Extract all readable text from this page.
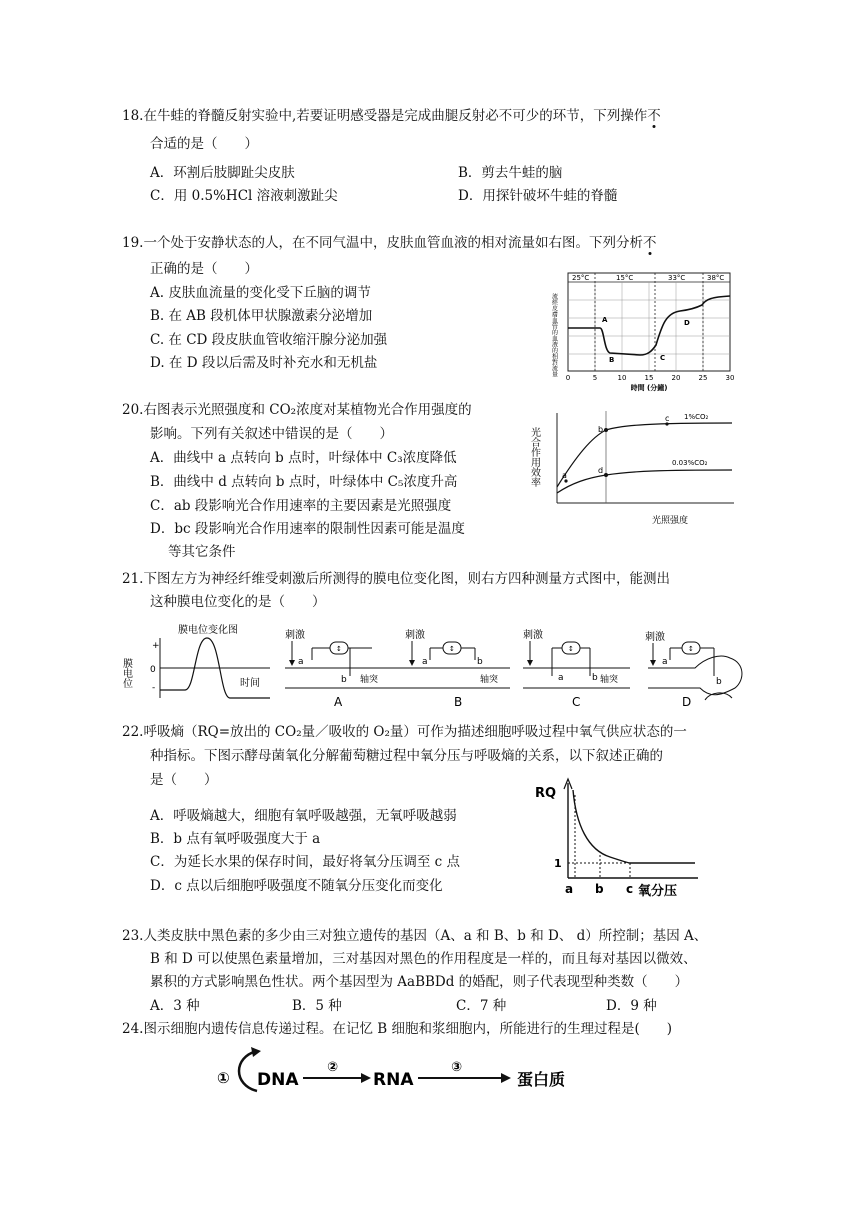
18.在牛蛙的脊髓反射实验中,若要证明感受器是完成曲腿反射必不可少的环节，下列操作不
合适的是（　　）
A．环割后肢脚趾尖皮肤	B．剪去牛蛙的脑
C．用 0.5%HCl 溶液刺激趾尖	D．用探针破坏牛蛙的脊髓
19.一个处于安静状态的人，在不同气温中，皮肤血管血液的相对流量如右图。下列分析不
正确的是（　　）
A. 皮肤血流量的变化受下丘脑的调节
B. 在 AB 段机体甲状腺激素分泌增加
C. 在 CD 段皮肤血管收缩汗腺分泌加强
D. 在 D 段以后需及时补充水和无机盐
25°C	15°C	33°C	38°C
A
B	C
D
流經皮膚血管的血液的相對流量
0	5	10	15	20	25	30
時間 (分鐘)
20.右图表示光照强度和 CO₂浓度对某植物光合作用强度的
影响。下列有关叙述中错误的是（　　）
A．曲线中 a 点转向 b 点时，叶绿体中 C₃浓度降低
B．曲线中 d 点转向 b 点时，叶绿体中 C₅浓度升高
C．ab 段影响光合作用速率的主要因素是光照强度
D．bc 段影响光合作用速率的限制性因素可能是温度
等其它条件
a
b
c
d
1%CO₂
0.03%CO₂
光合作用效率
光照强度
21.下图左方为神经纤维受刺激后所测得的膜电位变化图，则右方四种测量方式图中，能测出
这种膜电位变化的是（　　）
膜电位变化图
+
0
-
膜电位	时间
刺激
↕
a
b 轴突
A
刺激
↕
a	b
轴突
B
刺激
↕
a	b 轴突
C
刺激
↕
a
b
D
22.呼吸熵（RQ=放出的 CO₂量／吸收的 O₂量）可作为描述细胞呼吸过程中氧气供应状态的一
种指标。下图示酵母菌氧化分解葡萄糖过程中氧分压与呼吸熵的关系，以下叙述正确的
是（　　）
A．呼吸熵越大，细胞有氧呼吸越强，无氧呼吸越弱
B．b 点有氧呼吸强度大于 a
C．为延长水果的保存时间，最好将氧分压调至 c 点
D．c 点以后细胞呼吸强度不随氧分压变化而变化
RQ
1
a b c 氧分压
23.人类皮肤中黑色素的多少由三对独立遗传的基因（A、a 和 B、b 和 D、 d）所控制；基因 A、
B 和 D 可以使黑色素量增加，三对基因对黑色的作用程度是一样的，而且每对基因以微效、
累积的方式影响黑色性状。两个基因型为 AaBBDd 的婚配，则子代表现型种类数（　　）
A．3 种	B．5 种	C．7 种	D．9 种
24.图示细胞内遗传信息传递过程。在记忆 B 细胞和浆细胞内，所能进行的生理过程是(　　)
① DNA
②
RNA
③
蛋白质
